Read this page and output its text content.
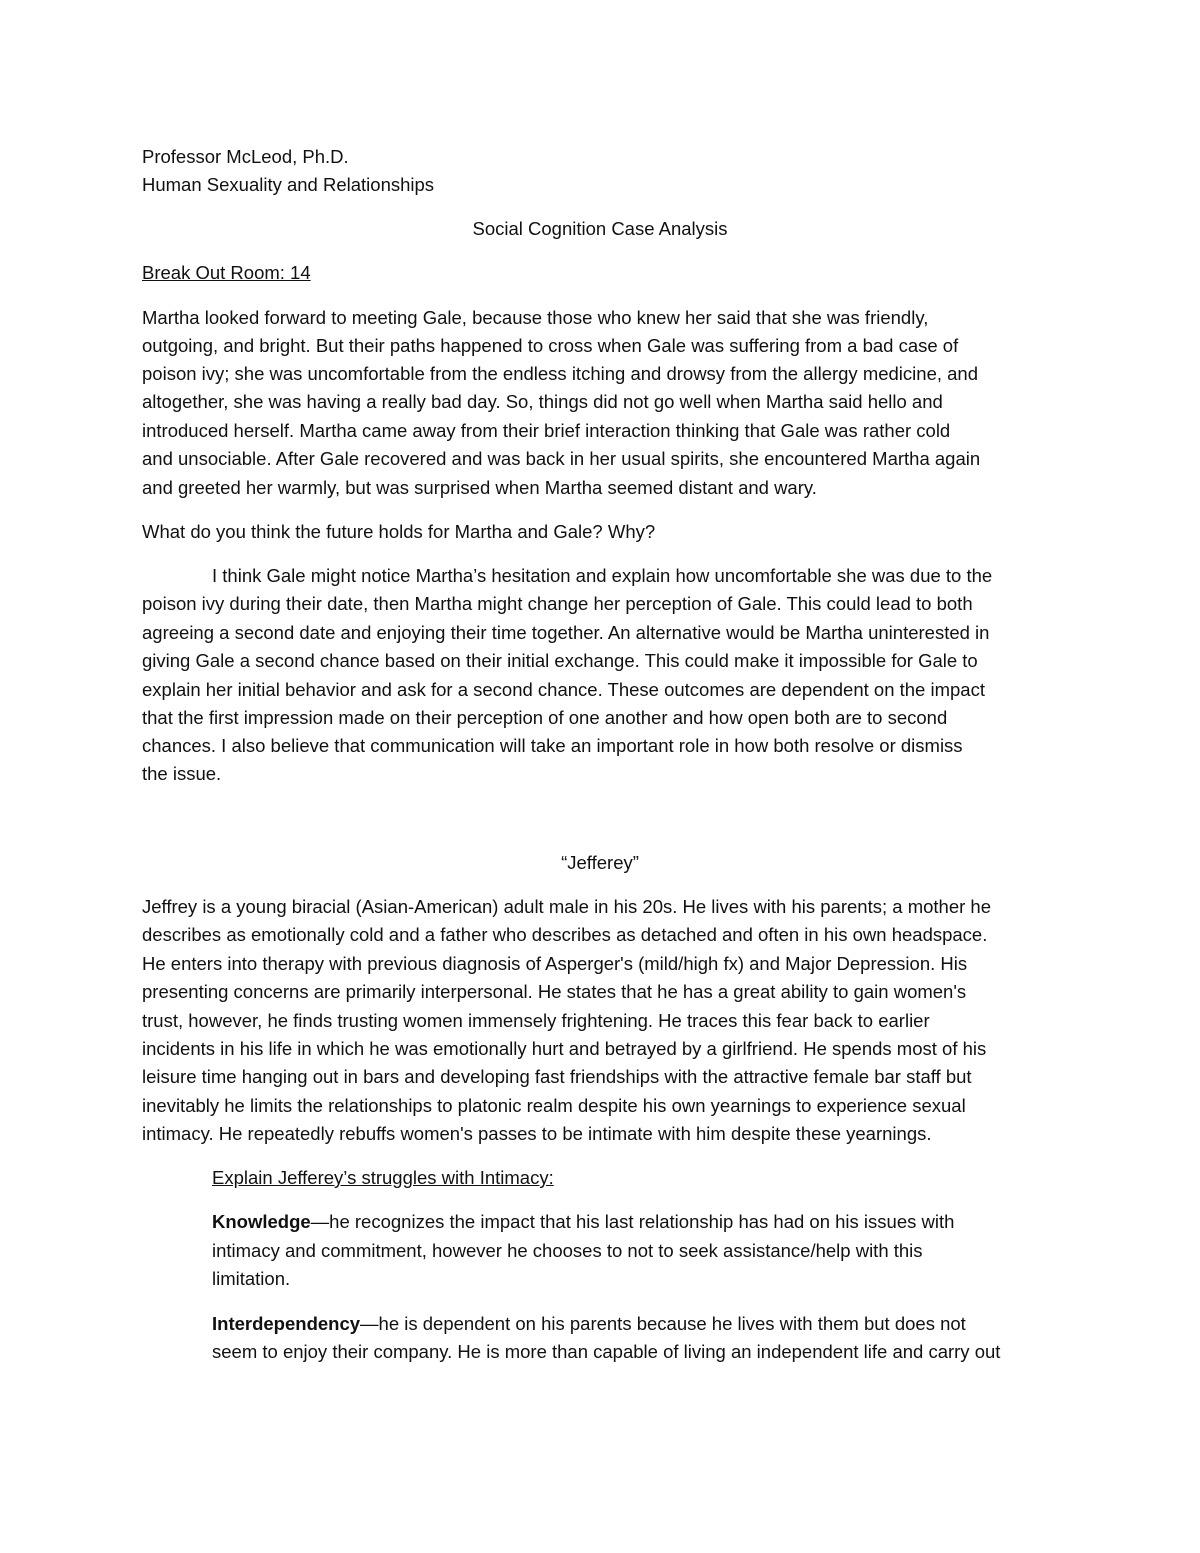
Professor McLeod, Ph.D.
Human Sexuality and Relationships
Social Cognition Case Analysis
Break Out Room: 14
Martha looked forward to meeting Gale, because those who knew her said that she was friendly,
outgoing, and bright. But their paths happened to cross when Gale was suffering from a bad case of
poison ivy; she was uncomfortable from the endless itching and drowsy from the allergy medicine, and
altogether, she was having a really bad day. So, things did not go well when Martha said hello and
introduced herself. Martha came away from their brief interaction thinking that Gale was rather cold
and unsociable. After Gale recovered and was back in her usual spirits, she encountered Martha again
and greeted her warmly, but was surprised when Martha seemed distant and wary.
What do you think the future holds for Martha and Gale? Why?
I think Gale might notice Martha’s hesitation and explain how uncomfortable she was due to the
poison ivy during their date, then Martha might change her perception of Gale. This could lead to both
agreeing a second date and enjoying their time together. An alternative would be Martha uninterested in
giving Gale a second chance based on their initial exchange. This could make it impossible for Gale to
explain her initial behavior and ask for a second chance. These outcomes are dependent on the impact
that the first impression made on their perception of one another and how open both are to second
chances. I also believe that communication will take an important role in how both resolve or dismiss
the issue.
“Jefferey”
Jeffrey is a young biracial (Asian-American) adult male in his 20s. He lives with his parents; a mother he
describes as emotionally cold and a father who describes as detached and often in his own headspace.
He enters into therapy with previous diagnosis of Asperger's (mild/high fx) and Major Depression. His
presenting concerns are primarily interpersonal. He states that he has a great ability to gain women's
trust, however, he finds trusting women immensely frightening. He traces this fear back to earlier
incidents in his life in which he was emotionally hurt and betrayed by a girlfriend. He spends most of his
leisure time hanging out in bars and developing fast friendships with the attractive female bar staff but
inevitably he limits the relationships to platonic realm despite his own yearnings to experience sexual
intimacy. He repeatedly rebuffs women's passes to be intimate with him despite these yearnings.
Explain Jefferey’s struggles with Intimacy:
Knowledge—he recognizes the impact that his last relationship has had on his issues with
intimacy and commitment, however he chooses to not to seek assistance/help with this
limitation.
Interdependency—he is dependent on his parents because he lives with them but does not
seem to enjoy their company. He is more than capable of living an independent life and carry out
